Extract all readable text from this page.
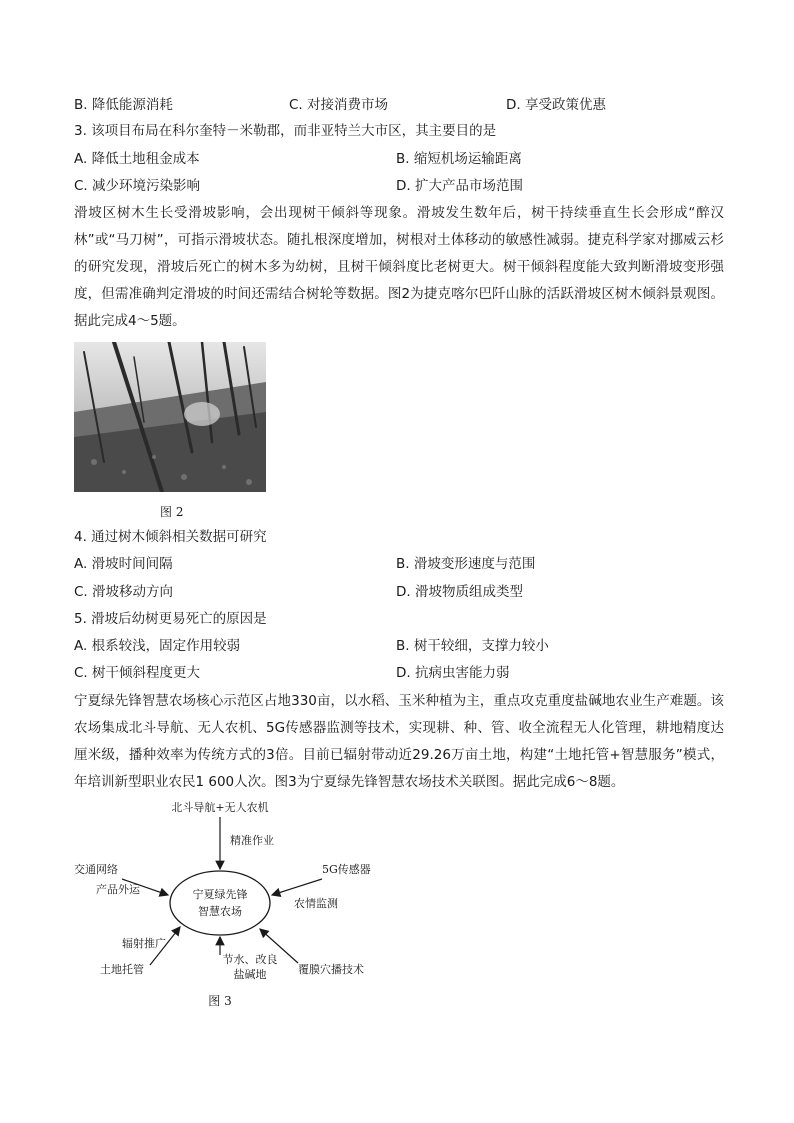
B. 降低能源消耗	C. 对接消费市场	D. 享受政策优惠
3. 该项目布局在科尔奎特－米勒郡，而非亚特兰大市区，其主要目的是
A. 降低土地租金成本	B. 缩短机场运输距离
C. 减少环境污染影响	D. 扩大产品市场范围
滑坡区树木生长受滑坡影响，会出现树干倾斜等现象。滑坡发生数年后，树干持续垂直生长会形成“醉汉林”或“马刀树”，可指示滑坡状态。随扎根深度增加，树根对土体移动的敏感性减弱。捷克科学家对挪威云杉的研究发现，滑坡后死亡的树木多为幼树，且树干倾斜度比老树更大。树干倾斜程度能大致判断滑坡变形强度，但需准确判定滑坡的时间还需结合树轮等数据。图2为捷克喀尔巴阡山脉的活跃滑坡区树木倾斜景观图。据此完成4～5题。
图 2
4. 通过树木倾斜相关数据可研究
A. 滑坡时间间隔	B. 滑坡变形速度与范围
C. 滑坡移动方向	D. 滑坡物质组成类型
5. 滑坡后幼树更易死亡的原因是
A. 根系较浅，固定作用较弱	B. 树干较细，支撑力较小
C. 树干倾斜程度更大	D. 抗病虫害能力弱
宁夏绿先锋智慧农场核心示范区占地330亩，以水稻、玉米种植为主，重点攻克重度盐碱地农业生产难题。该农场集成北斗导航、无人农机、5G传感器监测等技术，实现耕、种、管、收全流程无人化管理，耕地精度达厘米级，播种效率为传统方式的3倍。目前已辐射带动近29.26万亩土地，构建“土地托管+智慧服务”模式，年培训新型职业农民1 600人次。图3为宁夏绿先锋智慧农场技术关联图。据此完成6～8题。
宁夏绿先锋
智慧农场
北斗导航+无人农机
精准作业
5G传感器
农情监测
交通网络
产品外运
辐射推广
土地托管
节水、改良
盐碱地	覆膜穴播技术
图 3
